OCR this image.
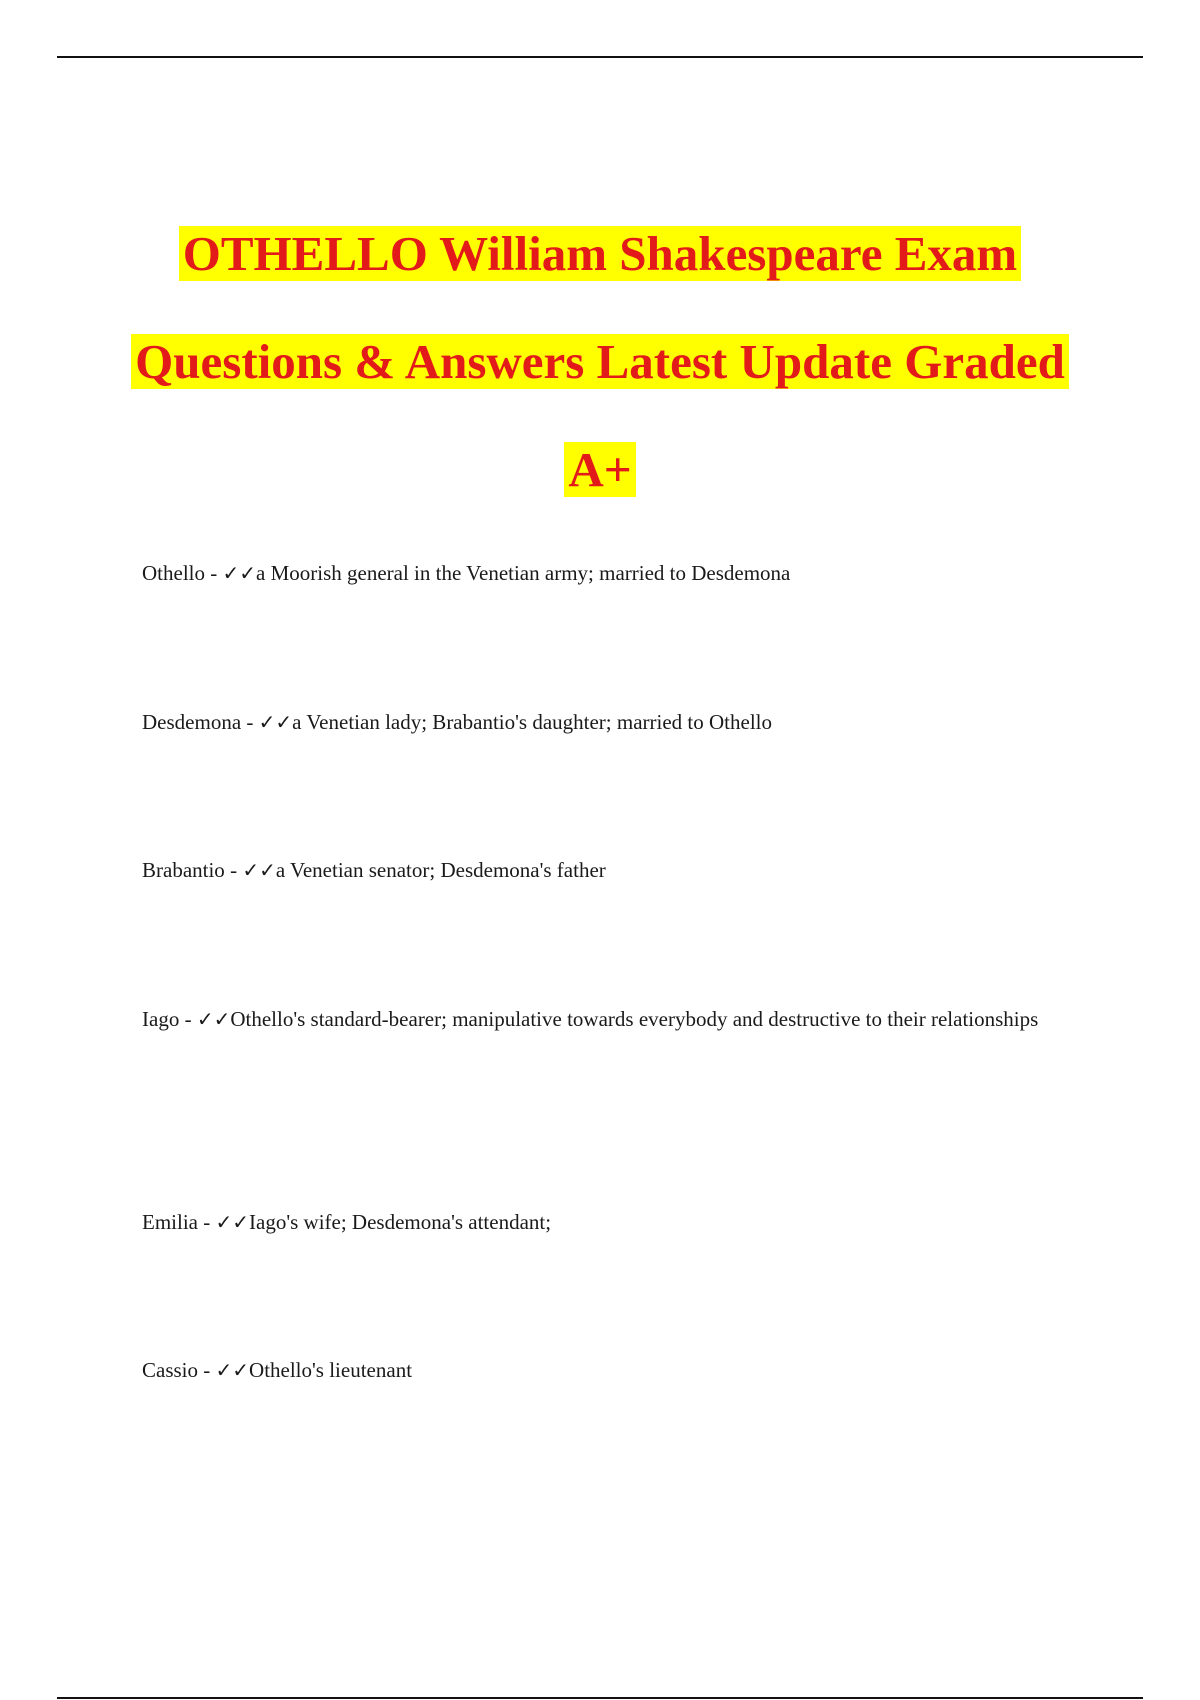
OTHELLO William Shakespeare Exam
Questions & Answers Latest Update Graded
A+
Othello - ✓✓a Moorish general in the Venetian army; married to Desdemona
Desdemona - ✓✓a Venetian lady; Brabantio's daughter; married to Othello
Brabantio - ✓✓a Venetian senator; Desdemona's father
Iago - ✓✓Othello's standard-bearer; manipulative towards everybody and destructive to their relationships
Emilia - ✓✓Iago's wife; Desdemona's attendant;
Cassio - ✓✓Othello's lieutenant
